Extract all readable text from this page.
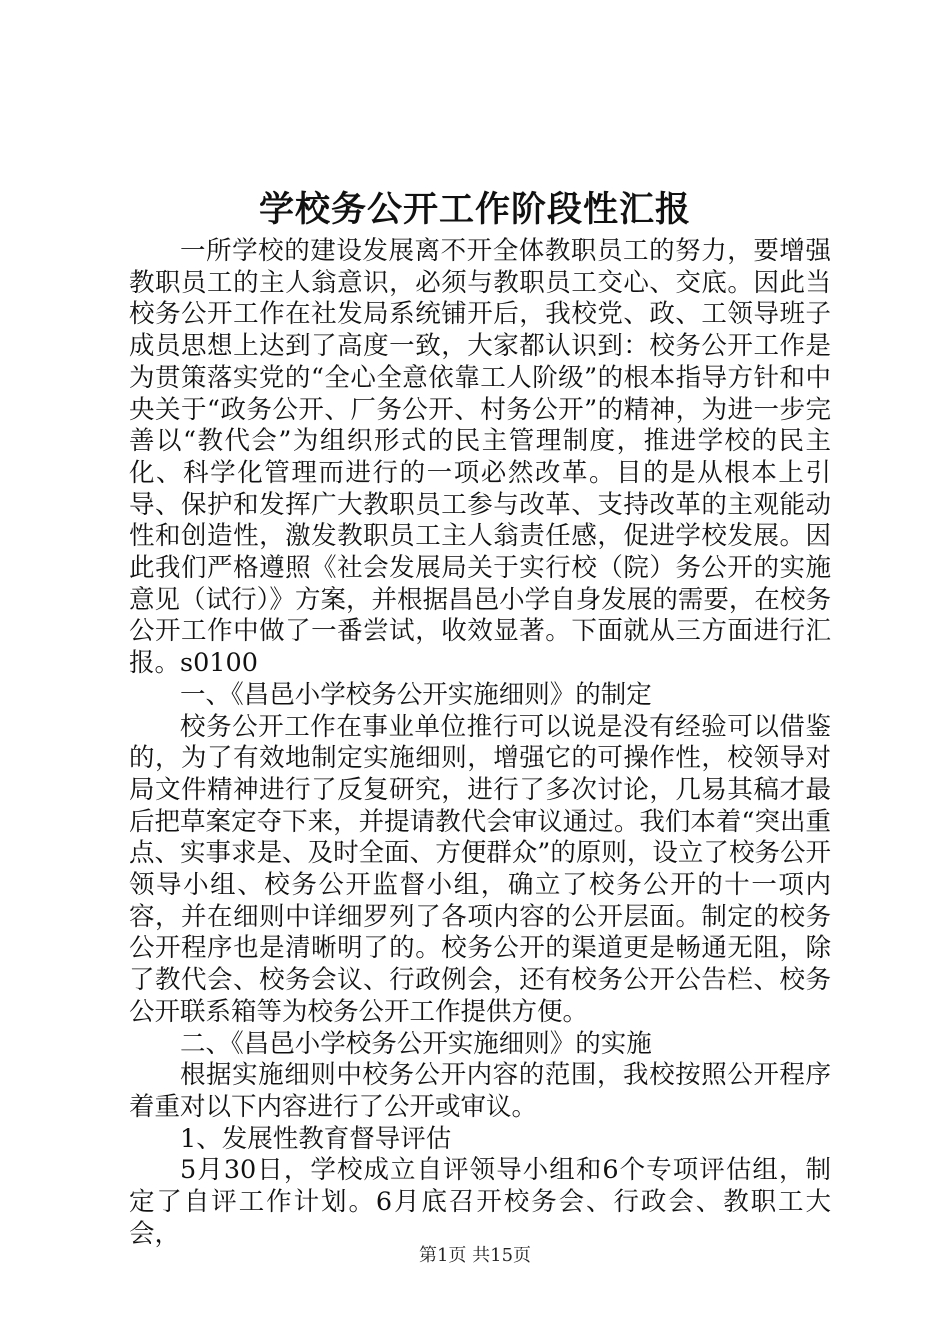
学校务公开工作阶段性汇报

一所学校的建设发展离不开全体教职员工的努力，要增强教职员工的主人翁意识，必须与教职员工交心、交底。因此当校务公开工作在社发局系统铺开后，我校党、政、工领导班子成员思想上达到了高度一致，大家都认识到：校务公开工作是为贯策落实党的“全心全意依靠工人阶级”的根本指导方针和中央关于“政务公开、厂务公开、村务公开”的精神，为进一步完善以“教代会”为组织形式的民主管理制度，推进学校的民主化、科学化管理而进行的一项必然改革。目的是从根本上引导、保护和发挥广大教职员工参与改革、支持改革的主观能动性和创造性，激发教职员工主人翁责任感，促进学校发展。因此我们严格遵照《社会发展局关于实行校（院）务公开的实施意见（试行）》方案，并根据昌邑小学自身发展的需要，在校务公开工作中做了一番尝试，收效显著。下面就从三方面进行汇报。s0100

一、《昌邑小学校务公开实施细则》的制定

校务公开工作在事业单位推行可以说是没有经验可以借鉴的，为了有效地制定实施细则，增强它的可操作性，校领导对局文件精神进行了反复研究，进行了多次讨论，几易其稿才最后把草案定夺下来，并提请教代会审议通过。我们本着“突出重点、实事求是、及时全面、方便群众”的原则，设立了校务公开领导小组、校务公开监督小组，确立了校务公开的十一项内容，并在细则中详细罗列了各项内容的公开层面。制定的校务公开程序也是清晰明了的。校务公开的渠道更是畅通无阻，除了教代会、校务会议、行政例会，还有校务公开公告栏、校务公开联系箱等为校务公开工作提供方便。

二、《昌邑小学校务公开实施细则》的实施

根据实施细则中校务公开内容的范围，我校按照公开程序着重对以下内容进行了公开或审议。

1、发展性教育督导评估

5月30日，学校成立自评领导小组和6个专项评估组，制定了自评工作计划。6月底召开校务会、行政会、教职工大会，

第1页 共15页
